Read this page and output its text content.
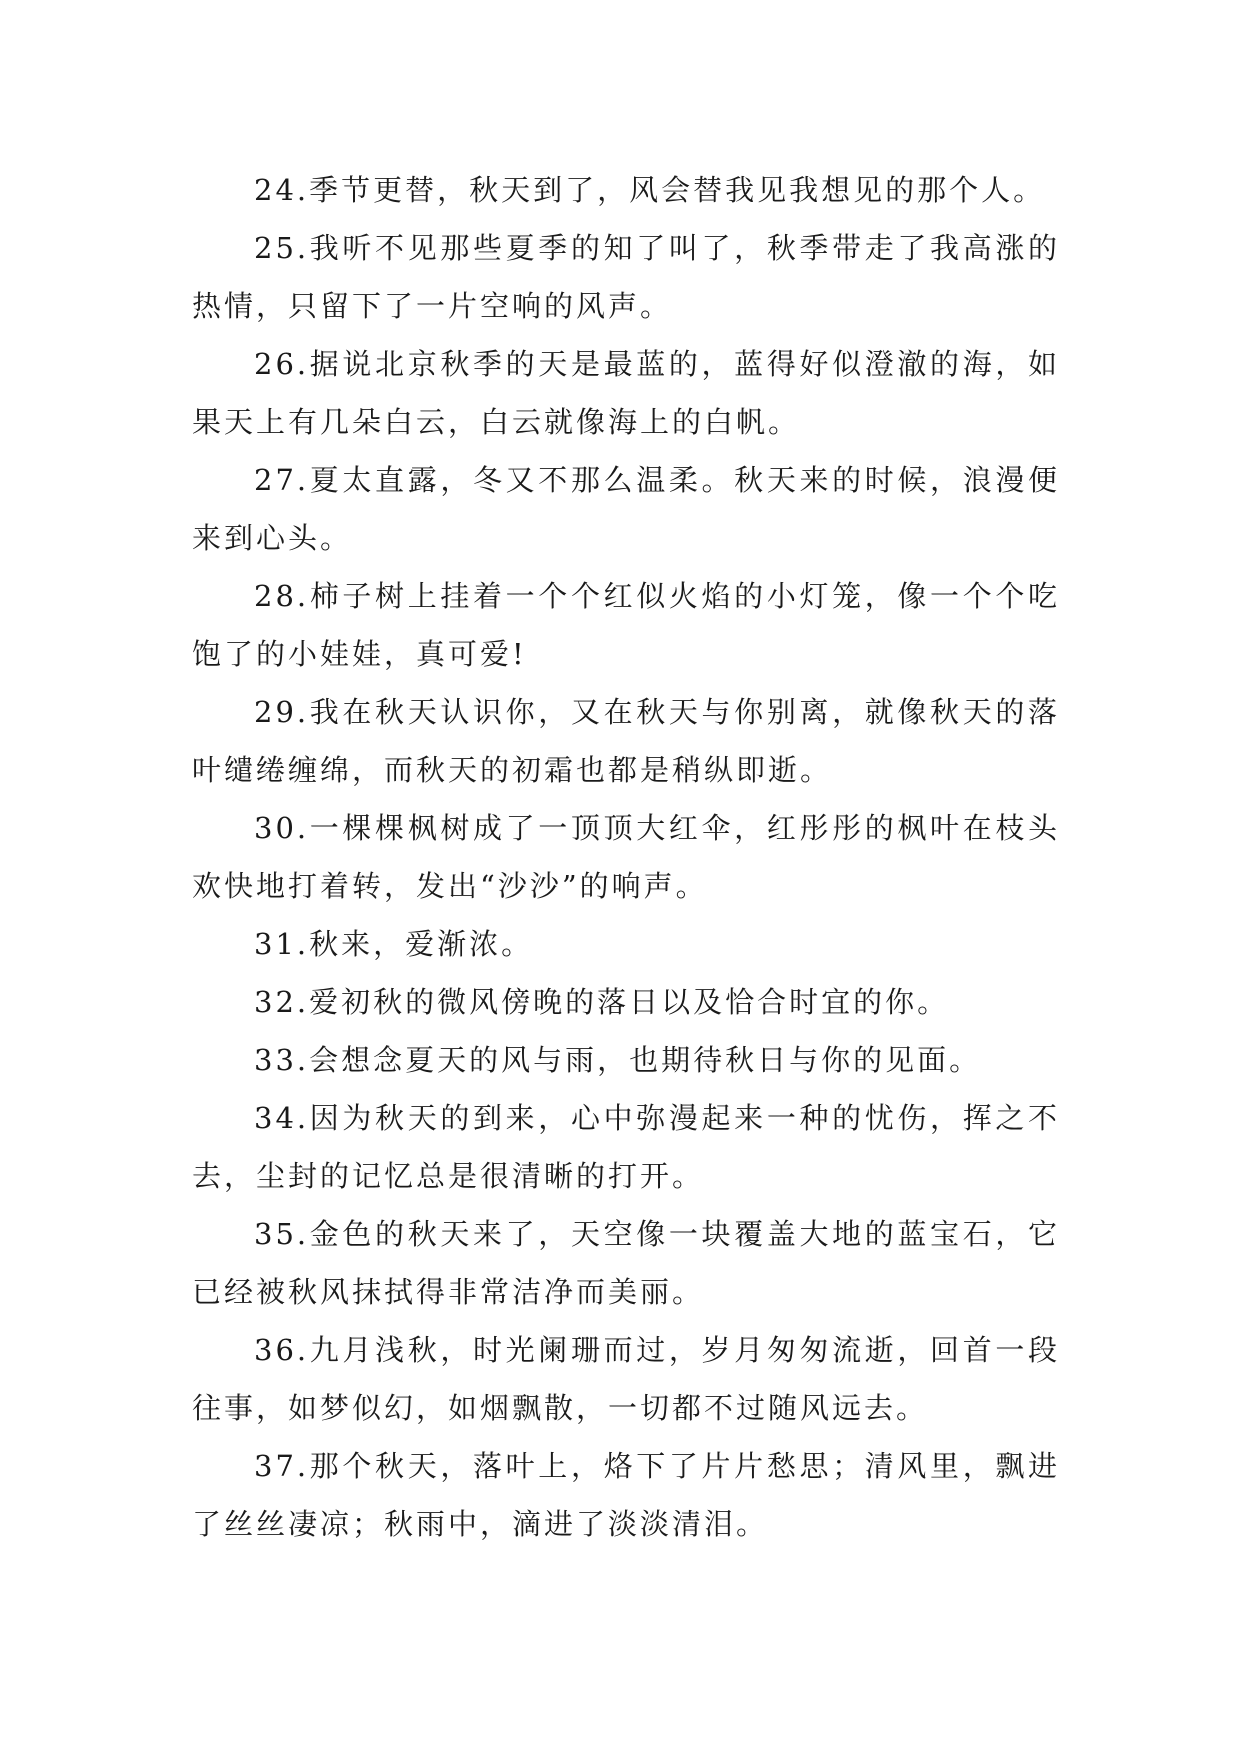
24.季节更替，秋天到了，风会替我见我想见的那个人。

25.我听不见那些夏季的知了叫了，秋季带走了我高涨的热情，只留下了一片空响的风声。

26.据说北京秋季的天是最蓝的，蓝得好似澄澈的海，如果天上有几朵白云，白云就像海上的白帆。

27.夏太直露，冬又不那么温柔。秋天来的时候，浪漫便来到心头。

28.柿子树上挂着一个个红似火焰的小灯笼，像一个个吃饱了的小娃娃，真可爱!

29.我在秋天认识你，又在秋天与你别离，就像秋天的落叶缱绻缠绵，而秋天的初霜也都是稍纵即逝。

30.一棵棵枫树成了一顶顶大红伞，红彤彤的枫叶在枝头欢快地打着转，发出“沙沙”的响声。

31.秋来，爱渐浓。

32.爱初秋的微风傍晚的落日以及恰合时宜的你。

33.会想念夏天的风与雨，也期待秋日与你的见面。

34.因为秋天的到来，心中弥漫起来一种的忧伤，挥之不去，尘封的记忆总是很清晰的打开。

35.金色的秋天来了，天空像一块覆盖大地的蓝宝石，它已经被秋风抹拭得非常洁净而美丽。

36.九月浅秋，时光阑珊而过，岁月匆匆流逝，回首一段往事，如梦似幻，如烟飘散，一切都不过随风远去。

37.那个秋天，落叶上，烙下了片片愁思；清风里，飘进了丝丝凄凉；秋雨中，滴进了淡淡清泪。
